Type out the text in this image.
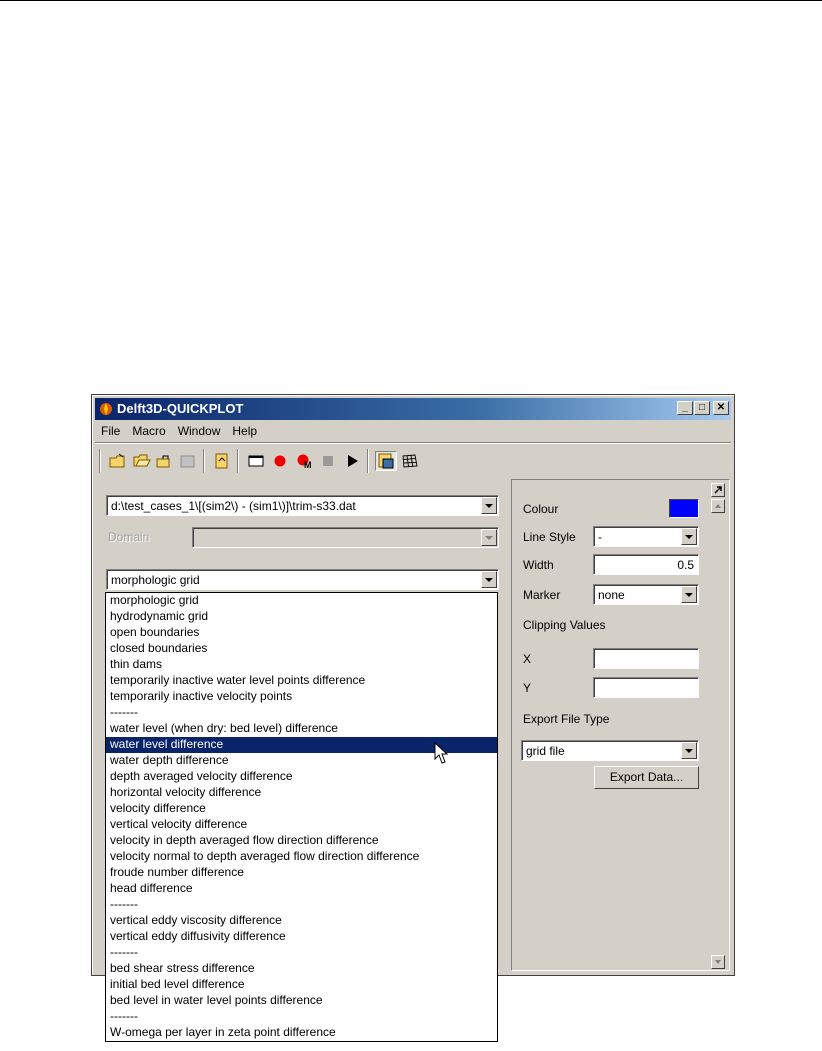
Delft3D-QUICKPLOT	_	□	✕
File Macro Window Help
M
d:\test_cases_1\[(sim2\) - (sim1\)]\trim-s33.dat
Domain
morphologic grid
Colour
Line Style -
Width	0.5
Marker	none
Clipping Values
X
Y
Export File Type
grid file
Export Data...
morphologic grid
hydrodynamic grid
open boundaries
closed boundaries
thin dams
temporarily inactive water level points difference
temporarily inactive velocity points
-------
water level (when dry: bed level) difference
water level difference
water depth difference
depth averaged velocity difference
horizontal velocity difference
velocity difference
vertical velocity difference
velocity in depth averaged flow direction difference
velocity normal to depth averaged flow direction difference
froude number difference
head difference
-------
vertical eddy viscosity difference
vertical eddy diffusivity difference
-------
bed shear stress difference
initial bed level difference
bed level in water level points difference
-------
W-omega per layer in zeta point difference
